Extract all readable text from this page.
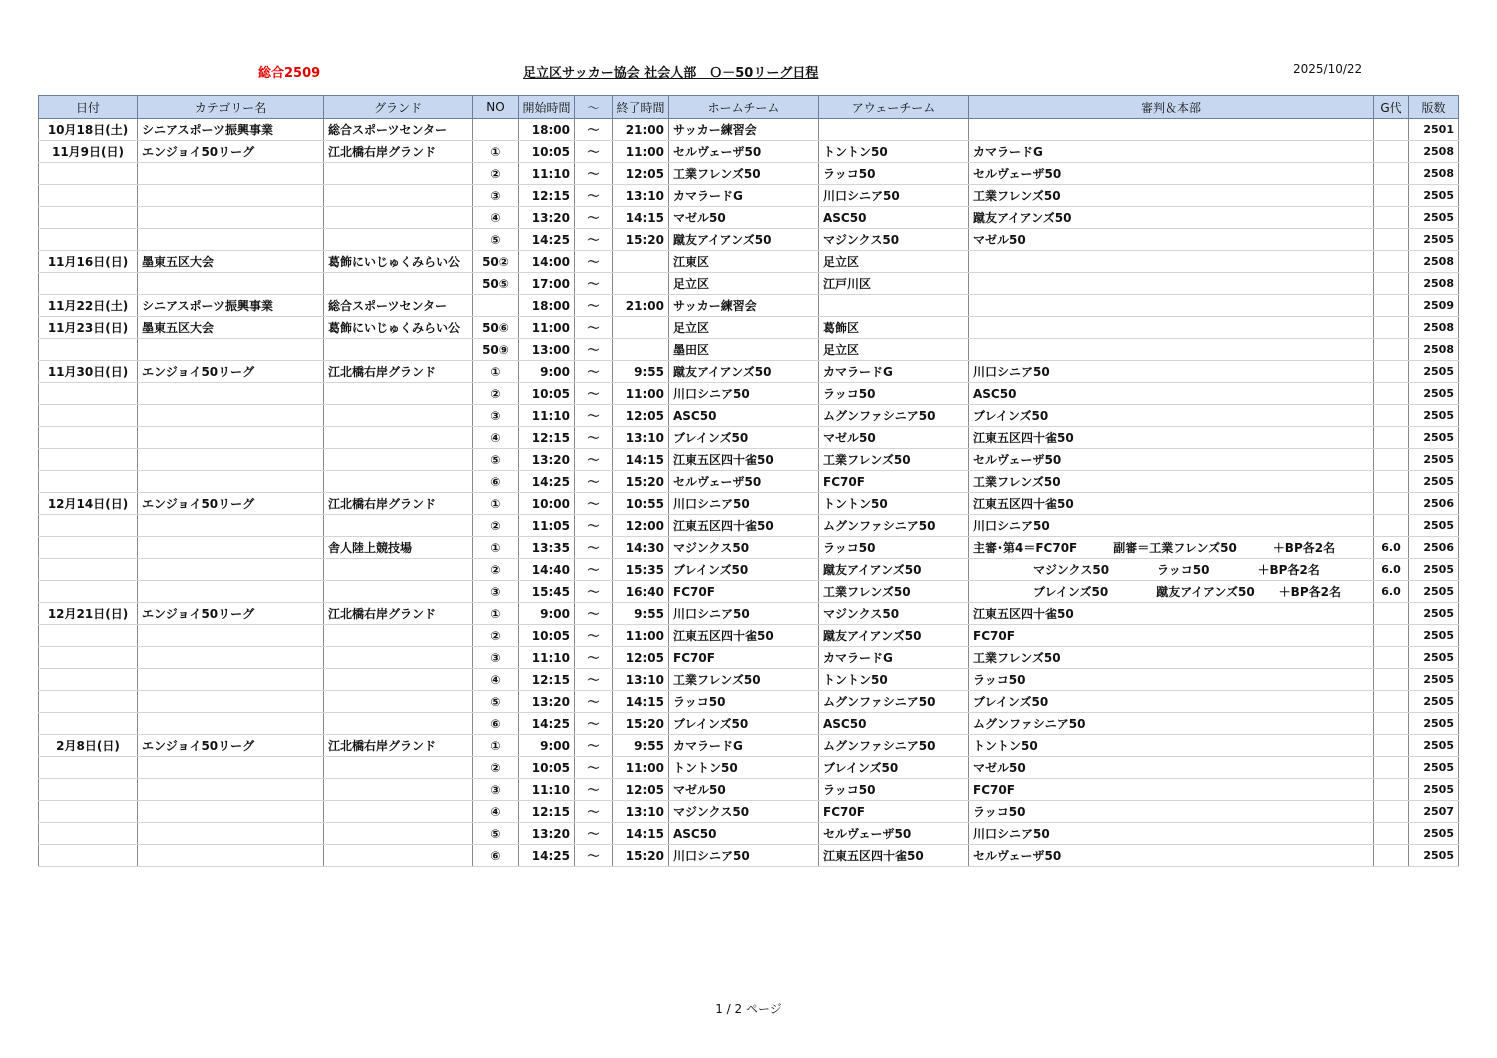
総合2509	足立区サッカー協会 社会人部　Ｏ－50リーグ日程	2025/10/22
日付	カテゴリー名	グランド	NO	開始時間	～	終了時間	ホームチーム	アウェーチーム	審判＆本部	G代	版数
10月18日(土)	シニアスポーツ振興事業	総合スポーツセンター		18:00	～	21:00	サッカー練習会				2501
11月9日(日)	エンジョイ50リーグ	江北橋右岸グランド	①	10:05	～	11:00	セルヴェーザ50	トントン50	カマラードG		2508
			②	11:10	～	12:05	工業フレンズ50	ラッコ50	セルヴェーザ50		2508
			③	12:15	～	13:10	カマラードG	川口シニア50	工業フレンズ50		2505
			④	13:20	～	14:15	マゼル50	ASC50	蹴友アイアンズ50		2505
			⑤	14:25	～	15:20	蹴友アイアンズ50	マジンクス50	マゼル50		2505
11月16日(日)	墨東五区大会	葛飾にいじゅくみらい公	50②	14:00	～		江東区	足立区			2508
			50⑤	17:00	～		足立区	江戸川区			2508
11月22日(土)	シニアスポーツ振興事業	総合スポーツセンター		18:00	～	21:00	サッカー練習会				2509
11月23日(日)	墨東五区大会	葛飾にいじゅくみらい公	50⑥	11:00	～		足立区	葛飾区			2508
			50⑨	13:00	～		墨田区	足立区			2508
11月30日(日)	エンジョイ50リーグ	江北橋右岸グランド	①	9:00	～	9:55	蹴友アイアンズ50	カマラードG	川口シニア50		2505
			②	10:05	～	11:00	川口シニア50	ラッコ50	ASC50		2505
			③	11:10	～	12:05	ASC50	ムグンファシニア50	ブレインズ50		2505
			④	12:15	～	13:10	ブレインズ50	マゼル50	江東五区四十雀50		2505
			⑤	13:20	～	14:15	江東五区四十雀50	工業フレンズ50	セルヴェーザ50		2505
			⑥	14:25	～	15:20	セルヴェーザ50	FC70F	工業フレンズ50		2505
12月14日(日)	エンジョイ50リーグ	江北橋右岸グランド	①	10:00	～	10:55	川口シニア50	トントン50	江東五区四十雀50		2506
			②	11:05	～	12:00	江東五区四十雀50	ムグンファシニア50	川口シニア50		2505
		舎人陸上競技場	①	13:35	～	14:30	マジンクス50	ラッコ50	主審･第4＝FC70F　　　副審＝工業フレンズ50　　　＋BP各2名	6.0	2506
			②	14:40	～	15:35	ブレインズ50	蹴友アイアンズ50	　　　　　マジンクス50　　　　ラッコ50　　　　＋BP各2名	6.0	2505
			③	15:45	～	16:40	FC70F	工業フレンズ50	　　　　　ブレインズ50　　　　蹴友アイアンズ50　　＋BP各2名	6.0	2505
12月21日(日)	エンジョイ50リーグ	江北橋右岸グランド	①	9:00	～	9:55	川口シニア50	マジンクス50	江東五区四十雀50		2505
			②	10:05	～	11:00	江東五区四十雀50	蹴友アイアンズ50	FC70F		2505
			③	11:10	～	12:05	FC70F	カマラードG	工業フレンズ50		2505
			④	12:15	～	13:10	工業フレンズ50	トントン50	ラッコ50		2505
			⑤	13:20	～	14:15	ラッコ50	ムグンファシニア50	ブレインズ50		2505
			⑥	14:25	～	15:20	ブレインズ50	ASC50	ムグンファシニア50		2505
2月8日(日)	エンジョイ50リーグ	江北橋右岸グランド	①	9:00	～	9:55	カマラードG	ムグンファシニア50	トントン50		2505
			②	10:05	～	11:00	トントン50	ブレインズ50	マゼル50		2505
			③	11:10	～	12:05	マゼル50	ラッコ50	FC70F		2505
			④	12:15	～	13:10	マジンクス50	FC70F	ラッコ50		2507
			⑤	13:20	～	14:15	ASC50	セルヴェーザ50	川口シニア50		2505
			⑥	14:25	～	15:20	川口シニア50	江東五区四十雀50	セルヴェーザ50		2505
1 / 2 ページ
